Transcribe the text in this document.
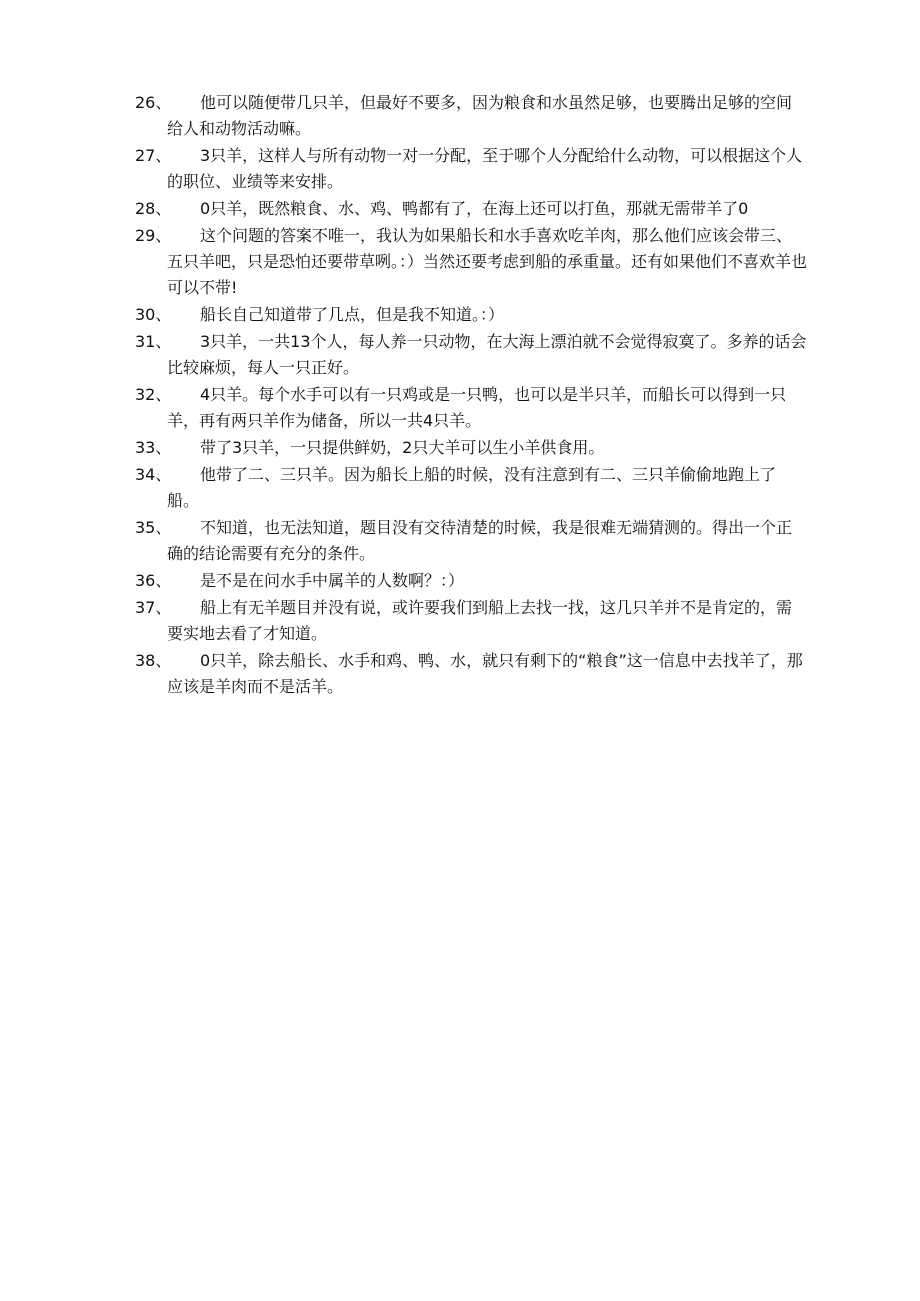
26、	他可以随便带几只羊，但最好不要多，因为粮食和水虽然足够，也要腾出足够的空间给人和动物活动嘛。

27、	3只羊，这样人与所有动物一对一分配，至于哪个人分配给什么动物，可以根据这个人的职位、业绩等来安排。

28、	0只羊，既然粮食、水、鸡、鸭都有了，在海上还可以打鱼，那就无需带羊了0

29、	这个问题的答案不唯一，我认为如果船长和水手喜欢吃羊肉，那么他们应该会带三、五只羊吧，只是恐怕还要带草咧。：）当然还要考虑到船的承重量。还有如果他们不喜欢羊也可以不带!

30、	船长自己知道带了几点，但是我不知道。：）

31、	3只羊，一共13个人，每人养一只动物，在大海上漂泊就不会觉得寂寞了。多养的话会比较麻烦，每人一只正好。

32、	4只羊。每个水手可以有一只鸡或是一只鸭，也可以是半只羊，而船长可以得到一只羊，再有两只羊作为储备，所以一共4只羊。

33、	带了3只羊，一只提供鲜奶，2只大羊可以生小羊供食用。

34、	他带了二、三只羊。因为船长上船的时候，没有注意到有二、三只羊偷偷地跑上了船。

35、	不知道，也无法知道，题目没有交待清楚的时候，我是很难无端猜测的。得出一个正确的结论需要有充分的条件。

36、	是不是在问水手中属羊的人数啊？：）

37、	船上有无羊题目并没有说，或许要我们到船上去找一找，这几只羊并不是肯定的，需要实地去看了才知道。

38、	0只羊，除去船长、水手和鸡、鸭、水，就只有剩下的“粮食”这一信息中去找羊了，那应该是羊肉而不是活羊。
